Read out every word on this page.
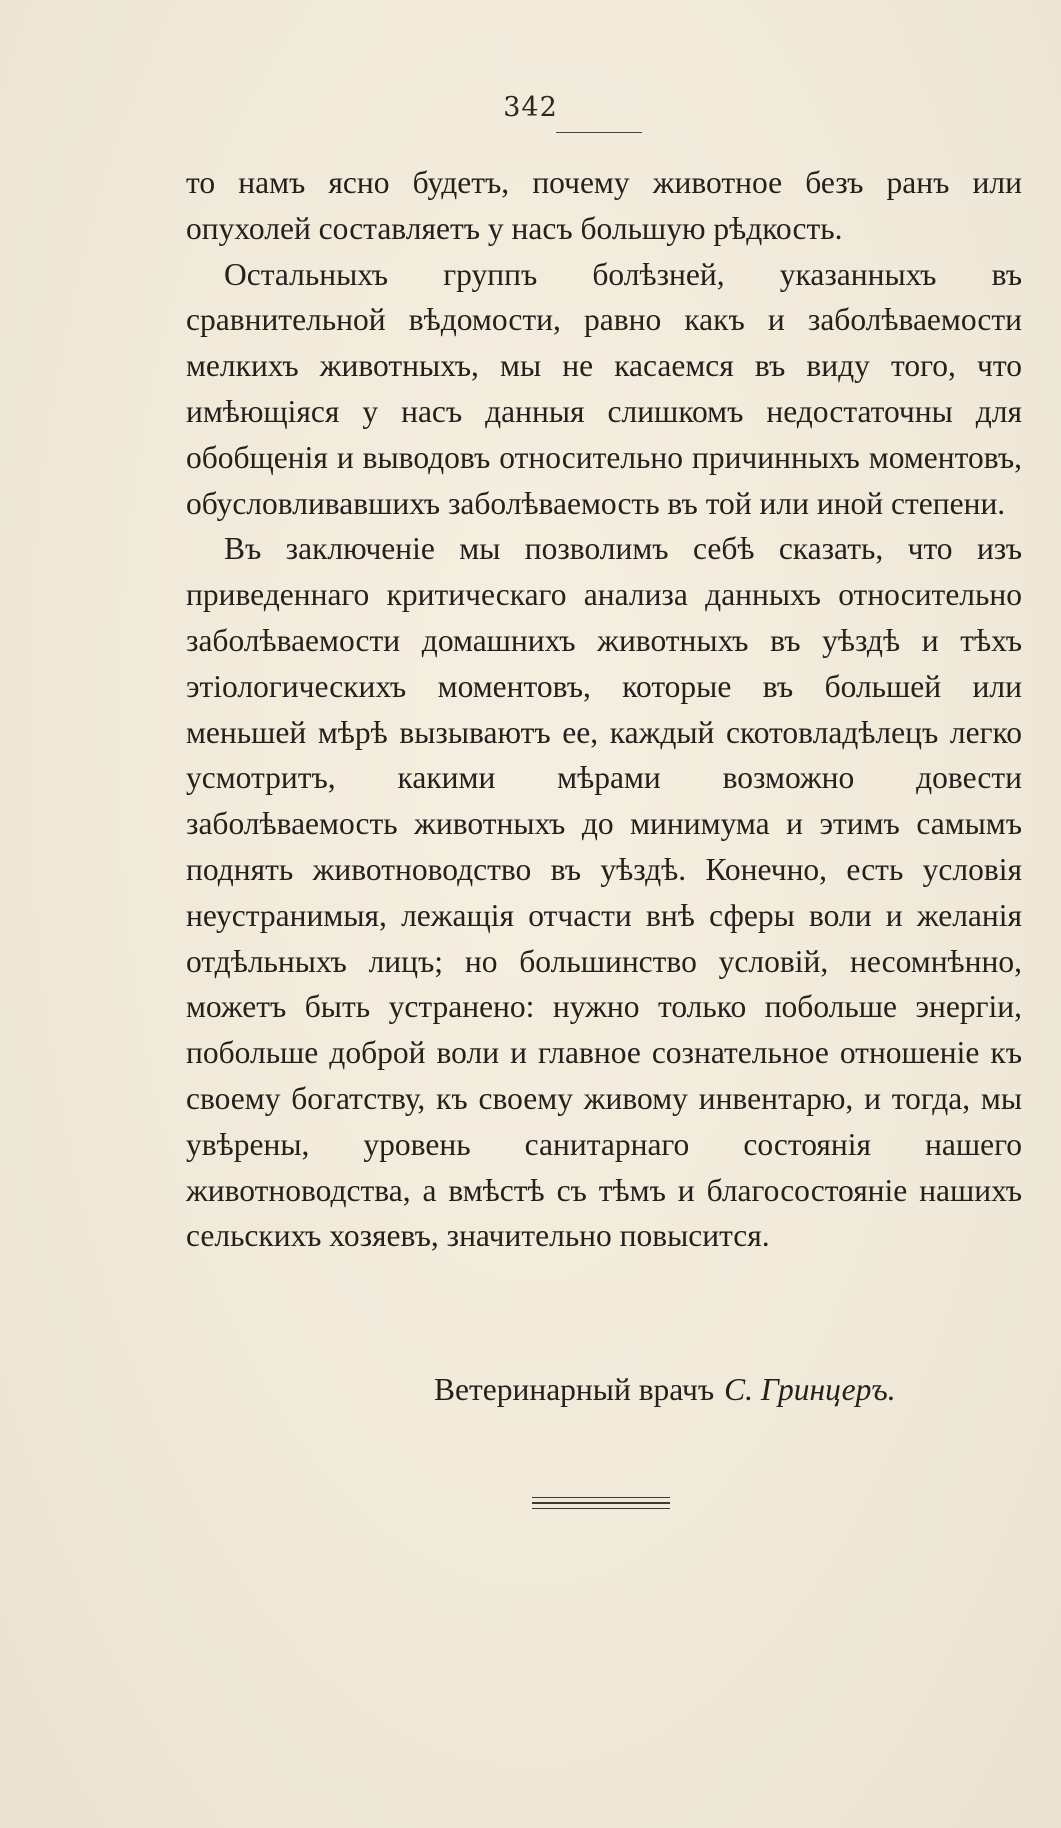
342

то намъ ясно будетъ, почему животное безъ ранъ или опухолей составляетъ у насъ большую рѣдкость.

Остальныхъ группъ болѣзней, указанныхъ въ сравнительной вѣдомости, равно какъ и заболѣваемости мелкихъ животныхъ, мы не касаемся въ виду того, что имѣющіяся у насъ данныя слишкомъ недостаточны для обобщенія и выводовъ относительно причинныхъ моментовъ, обусловливавшихъ заболѣваемость въ той или иной степени.

Въ заключеніе мы позволимъ себѣ сказать, что изъ приведеннаго критическаго анализа данныхъ относительно заболѣваемости домашнихъ животныхъ въ уѣздѣ и тѣхъ этіологическихъ моментовъ, которые въ большей или меньшей мѣрѣ вызываютъ ее, каждый скотовладѣлецъ легко усмотритъ, какими мѣрами возможно довести заболѣваемость животныхъ до минимума и этимъ самымъ поднять животноводство въ уѣздѣ. Конечно, есть условія неустранимыя, лежащія отчасти внѣ сферы воли и желанія отдѣльныхъ лицъ; но большинство условій, несомнѣнно, можетъ быть устранено: нужно только побольше энергіи, побольше доброй воли и главное сознательное отношеніе къ своему богатству, къ своему живому инвентарю, и тогда, мы увѣрены, уровень санитарнаго состоянія нашего животноводства, а вмѣстѣ съ тѣмъ и благосостояніе нашихъ сельскихъ хозяевъ, значительно повысится.

Ветеринарный врачъ С. Гринцеръ.
